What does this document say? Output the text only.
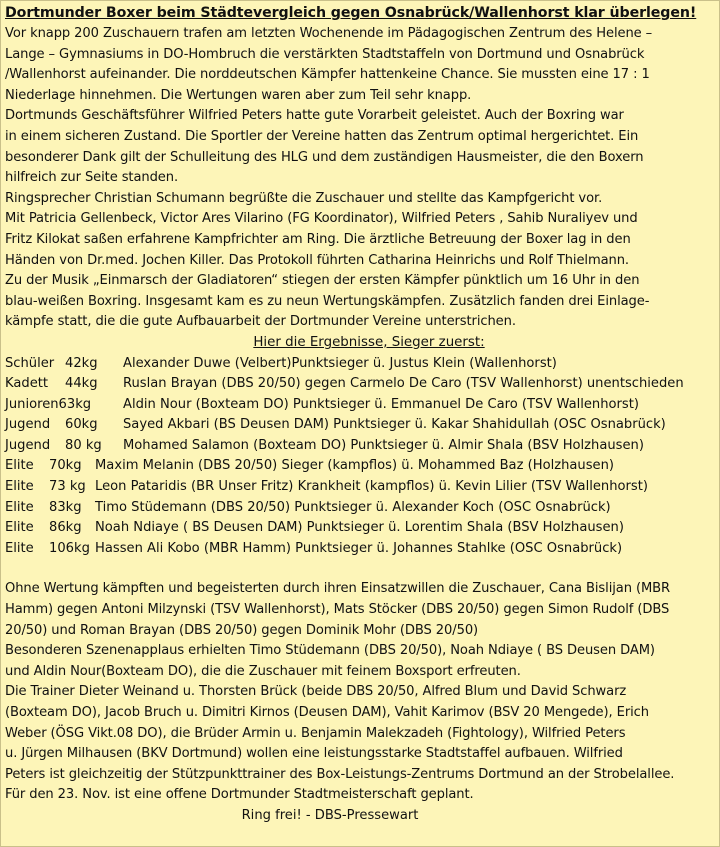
Dortmunder Boxer beim Städtevergleich gegen Osnabrück/Wallenhorst klar überlegen!

Vor knapp 200 Zuschauern trafen am letzten Wochenende im Pädagogischen Zentrum des Helene –
Lange – Gymnasiums in DO-Hombruch die verstärkten Stadtstaffeln von Dortmund und Osnabrück
/Wallenhorst aufeinander. Die norddeutschen Kämpfer hattenkeine Chance. Sie mussten eine 17 : 1
Niederlage hinnehmen. Die Wertungen waren aber zum Teil sehr knapp.
Dortmunds Geschäftsführer Wilfried Peters hatte gute Vorarbeit geleistet. Auch der Boxring war
in einem sicheren Zustand. Die Sportler der Vereine hatten das Zentrum optimal hergerichtet. Ein
besonderer Dank gilt der Schulleitung des HLG und dem zuständigen Hausmeister, die den Boxern
hilfreich zur Seite standen.
Ringsprecher Christian Schumann begrüßte die Zuschauer und stellte das Kampfgericht vor.
Mit Patricia Gellenbeck, Victor Ares Vilarino (FG Koordinator), Wilfried Peters , Sahib Nuraliyev und
Fritz Kilokat saßen erfahrene Kampfrichter am Ring. Die ärztliche Betreuung der Boxer lag in den
Händen von Dr.med. Jochen Killer. Das Protokoll führten Catharina Heinrichs und Rolf Thielmann.
Zu der Musik „Einmarsch der Gladiatoren“ stiegen der ersten Kämpfer pünktlich um 16 Uhr in den
blau-weißen Boxring. Insgesamt kam es zu neun Wertungskämpfen. Zusätzlich fanden drei Einlage-
kämpfe statt, die die gute Aufbauarbeit der Dortmunder Vereine unterstrichen.

Hier die Ergebnisse, Sieger zuerst:

Schüler 42kg	Alexander Duwe (Velbert)Punktsieger ü. Justus Klein (Wallenhorst)
Kadett	44kg	Ruslan Brayan (DBS 20/50) gegen Carmelo De Caro (TSV Wallenhorst) unentschieden
Junioren63kg	Aldin Nour (Boxteam DO) Punktsieger ü. Emmanuel De Caro (TSV Wallenhorst)
Jugend	60kg	Sayed Akbari (BS Deusen DAM) Punktsieger ü. Kakar Shahidullah (OSC Osnabrück)
Jugend	80 kg	Mohamed Salamon (Boxteam DO) Punktsieger ü. Almir Shala (BSV Holzhausen)
Elite	70kg	Maxim Melanin (DBS 20/50) Sieger (kampflos) ü. Mohammed Baz (Holzhausen)
Elite	73 kg Leon Pataridis (BR Unser Fritz) Krankheit (kampflos) ü. Kevin Lilier (TSV Wallenhorst)
Elite	83kg	Timo Stüdemann (DBS 20/50) Punktsieger ü. Alexander Koch (OSC Osnabrück)
Elite	86kg	Noah Ndiaye ( BS Deusen DAM) Punktsieger ü. Lorentim Shala (BSV Holzhausen)
Elite	106kg Hassen Ali Kobo (MBR Hamm) Punktsieger ü. Johannes Stahlke (OSC Osnabrück)

Ohne Wertung kämpften und begeisterten durch ihren Einsatzwillen die Zuschauer, Cana Bislijan (MBR
Hamm) gegen Antoni Milzynski (TSV Wallenhorst), Mats Stöcker (DBS 20/50) gegen Simon Rudolf (DBS
20/50) und Roman Brayan (DBS 20/50) gegen Dominik Mohr (DBS 20/50)
Besonderen Szenenapplaus erhielten Timo Stüdemann (DBS 20/50), Noah Ndiaye ( BS Deusen DAM)
und Aldin Nour(Boxteam DO), die die Zuschauer mit feinem Boxsport erfreuten.
Die Trainer Dieter Weinand u. Thorsten Brück (beide DBS 20/50, Alfred Blum und David Schwarz
(Boxteam DO), Jacob Bruch u. Dimitri Kirnos (Deusen DAM), Vahit Karimov (BSV 20 Mengede), Erich
Weber (ÖSG Vikt.08 DO), die Brüder Armin u. Benjamin Malekzadeh (Fightology), Wilfried Peters
u. Jürgen Milhausen (BKV Dortmund) wollen eine leistungsstarke Stadtstaffel aufbauen. Wilfried
Peters ist gleichzeitig der Stützpunkttrainer des Box-Leistungs-Zentrums Dortmund an der Strobelallee.
Für den 23. Nov. ist eine offene Dortmunder Stadtmeisterschaft geplant.

Ring frei! - DBS-Pressewart
